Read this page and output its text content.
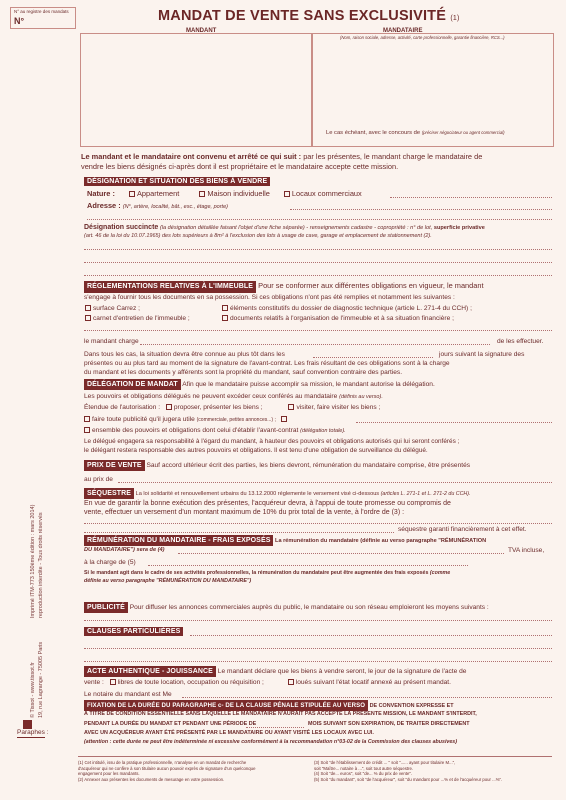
N° au registre des mandats
N°	MANDAT DE VENTE SANS EXCLUSIVITÉ (1)
MANDANT	MANDATAIRE
(Nom, raison sociale, adresse, activité, carte professionnelle, garantie financière, RCS...)
Le cas échéant, avec le concours de (préciser négociateur ou agent commercial)
Le mandant et le mandataire ont convenu et arrêté ce qui suit : par les présentes, le mandant charge le mandataire de
vendre les biens désignés ci-après dont il est propriétaire et le mandataire accepte cette mission.
DÉSIGNATION ET SITUATION DES BIENS À VENDRE
Nature :	Appartement	Maison individuelle	Locaux commerciaux
Adresse : (N°, artère, localité, bât., esc., étage, porte)
Désignation succincte (la désignation détaillée faisant l'objet d'une fiche séparée) - renseignements cadastre - copropriété : n° de lot, superficie privative
(art. 46 de la loi du 10.07.1965) des lots supérieurs à 8m² à l'exclusion des lots à usage de cave, garage et emplacement de stationnement (2).
RÉGLEMENTATIONS RELATIVES À L'IMMEUBLE Pour se conformer aux différentes obligations en vigueur, le mandant
s'engage à fournir tous les documents en sa possession. Si ces obligations n'ont pas été remplies et notamment les suivantes :
surface Carrez ;	éléments constitutifs du dossier de diagnostic technique (article L. 271-4 du CCH) ;
carnet d'entretien de l'immeuble ;	documents relatifs à l'organisation de l'immeuble et à sa situation financière ;
le mandant charge	de les effectuer.
Dans tous les cas, la situation devra être connue au plus tôt dans les	jours suivant la signature des
présentes ou au plus tard au moment de la signature de l'avant-contrat. Les frais résultant de ces obligations sont à la charge
du mandant et les documents y afférents sont la propriété du mandant, sauf convention contraire des parties.
DÉLÉGATION DE MANDAT Afin que le mandataire puisse accomplir sa mission, le mandant autorise la délégation.
Les pouvoirs et obligations délégués ne peuvent excéder ceux conférés au mandataire (définis au verso).
Étendue de l'autorisation : proposer, présenter les biens ;	visiter, faire visiter les biens ;
faire toute publicité qu'il jugera utile (commerciale, petites annonces...) ;
ensemble des pouvoirs et obligations dont celui d'établir l'avant-contrat (délégation totale).
Le délégué engagera sa responsabilité à l'égard du mandant, à hauteur des pouvoirs et obligations autorisés qui lui seront conférés ;
le délégant restera responsable des autres pouvoirs et obligations. Il est tenu d'une obligation de surveillance du délégué.
PRIX DE VENTE Sauf accord ultérieur écrit des parties, les biens devront, rémunération du mandataire comprise, être présentés
au prix de
SÉQUESTRE La loi solidarité et renouvellement urbains du 13.12.2000 réglemente le versement visé ci-dessous (articles L. 271-1 et L. 271-2 du CCH).
En vue de garantir la bonne exécution des présentes, l'acquéreur devra, à l'appui de toute promesse ou compromis de
vente, effectuer un versement d'un montant maximum de 10% du prix total de la vente, à l'ordre de (3) :
séquestre garanti financièrement à cet effet.
RÉMUNÉRATION DU MANDATAIRE - FRAIS EXPOSÉS La rémunération du mandataire (définie au verso paragraphe "RÉMUNÉRATION
DU MANDATAIRE") sera de (4)	TVA incluse,
à la charge de (5)
Si le mandant agit dans le cadre de ses activités professionnelles, la rémunération du mandataire peut être augmentée des frais exposés (comme
définie au verso paragraphe "RÉMUNÉRATION DU MANDATAIRE")
PUBLICITÉ Pour diffuser les annonces commerciales auprès du public, le mandataire ou son réseau emploieront les moyens suivants :
CLAUSES PARTICULIÈRES
ACTE AUTHENTIQUE - JOUISSANCE Le mandant déclare que les biens à vendre seront, le jour de la signature de l'acte de
vente : libres de toute location, occupation ou réquisition ;	loués suivant l'état locatif annexé au présent mandat.
Le notaire du mandant est Me
FIXATION DE LA DURÉE DU PARAGRAPHE c- DE LA CLAUSE PÉNALE STIPULÉE AU VERSO DE CONVENTION EXPRESSE ET
À TITRE DE CONDITION ESSENTIELLE SANS LAQUELLE LE MANDATAIRE N'AURAIT PAS ACCEPTÉ LA PRÉSENTE MISSION, LE MANDANT S'INTERDIT,
PENDANT LA DURÉE DU MANDAT ET PENDANT UNE PÉRIODE DE	MOIS SUIVANT SON EXPIRATION, DE TRAITER DIRECTEMENT
AVEC UN ACQUÉREUR AYANT ÉTÉ PRÉSENTÉ PAR LE MANDATAIRE OU AYANT VISITÉ LES LOCAUX AVEC LUI.
(attention : cette durée ne peut être indéterminée ni excessive conformément à la recommandation n°03-02 de la Commission des clauses abusives)
Paraphes :
(1) Cet intitulé, issu de la pratique professionnelle, n'analyse en un mandat de recherche
d'acquéreur qui ne confère à son titulaire aucun pouvoir exprès de signature d'un quelconque
engagement pour les mandants.
(2) Annexer aux présentes les documents de mesurage en votre possession.
(3) Soit "de l'établissement de crédit ... " soit "...... ayant pour titulaire M...",
soit "Maître... notaire à ...", soit tout autre séquestre.
(4) Soit "de... euros", soit "de... % du prix de vente".
(5) Soit "du mandant", soit "de l'acquéreur", soit "du mandant pour ...% et de l'acquéreur pour ...%".
© Tissot - www.tissot.fr 19, rue Lagrange - 75005 Paris
Imprimé ITM-773 150ème édition : mars 2014) reproduction interdite - Tous droits réservés
